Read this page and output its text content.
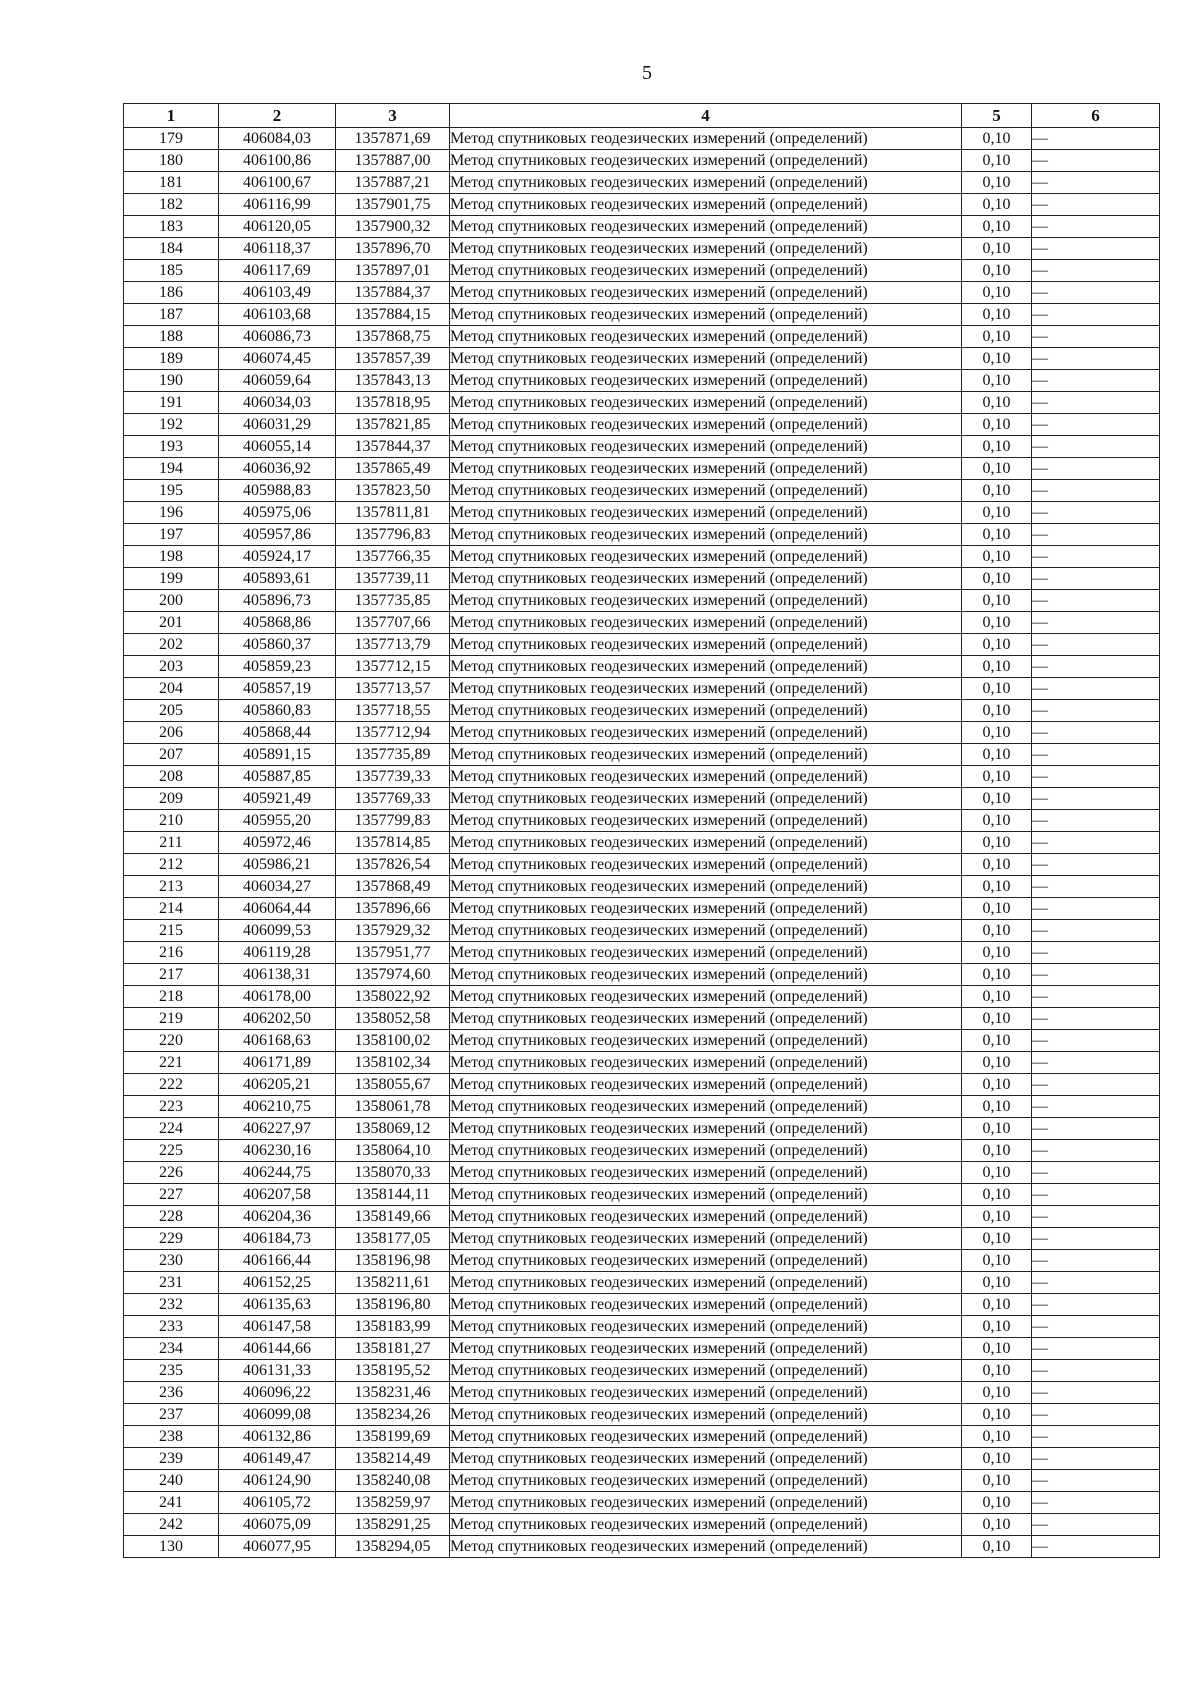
5
1	2	3	4	5	6
179	406084,03	1357871,69	Метод спутниковых геодезических измерений (определений)	0,10	—
180	406100,86	1357887,00	Метод спутниковых геодезических измерений (определений)	0,10	—
181	406100,67	1357887,21	Метод спутниковых геодезических измерений (определений)	0,10	—
182	406116,99	1357901,75	Метод спутниковых геодезических измерений (определений)	0,10	—
183	406120,05	1357900,32	Метод спутниковых геодезических измерений (определений)	0,10	—
184	406118,37	1357896,70	Метод спутниковых геодезических измерений (определений)	0,10	—
185	406117,69	1357897,01	Метод спутниковых геодезических измерений (определений)	0,10	—
186	406103,49	1357884,37	Метод спутниковых геодезических измерений (определений)	0,10	—
187	406103,68	1357884,15	Метод спутниковых геодезических измерений (определений)	0,10	—
188	406086,73	1357868,75	Метод спутниковых геодезических измерений (определений)	0,10	—
189	406074,45	1357857,39	Метод спутниковых геодезических измерений (определений)	0,10	—
190	406059,64	1357843,13	Метод спутниковых геодезических измерений (определений)	0,10	—
191	406034,03	1357818,95	Метод спутниковых геодезических измерений (определений)	0,10	—
192	406031,29	1357821,85	Метод спутниковых геодезических измерений (определений)	0,10	—
193	406055,14	1357844,37	Метод спутниковых геодезических измерений (определений)	0,10	—
194	406036,92	1357865,49	Метод спутниковых геодезических измерений (определений)	0,10	—
195	405988,83	1357823,50	Метод спутниковых геодезических измерений (определений)	0,10	—
196	405975,06	1357811,81	Метод спутниковых геодезических измерений (определений)	0,10	—
197	405957,86	1357796,83	Метод спутниковых геодезических измерений (определений)	0,10	—
198	405924,17	1357766,35	Метод спутниковых геодезических измерений (определений)	0,10	—
199	405893,61	1357739,11	Метод спутниковых геодезических измерений (определений)	0,10	—
200	405896,73	1357735,85	Метод спутниковых геодезических измерений (определений)	0,10	—
201	405868,86	1357707,66	Метод спутниковых геодезических измерений (определений)	0,10	—
202	405860,37	1357713,79	Метод спутниковых геодезических измерений (определений)	0,10	—
203	405859,23	1357712,15	Метод спутниковых геодезических измерений (определений)	0,10	—
204	405857,19	1357713,57	Метод спутниковых геодезических измерений (определений)	0,10	—
205	405860,83	1357718,55	Метод спутниковых геодезических измерений (определений)	0,10	—
206	405868,44	1357712,94	Метод спутниковых геодезических измерений (определений)	0,10	—
207	405891,15	1357735,89	Метод спутниковых геодезических измерений (определений)	0,10	—
208	405887,85	1357739,33	Метод спутниковых геодезических измерений (определений)	0,10	—
209	405921,49	1357769,33	Метод спутниковых геодезических измерений (определений)	0,10	—
210	405955,20	1357799,83	Метод спутниковых геодезических измерений (определений)	0,10	—
211	405972,46	1357814,85	Метод спутниковых геодезических измерений (определений)	0,10	—
212	405986,21	1357826,54	Метод спутниковых геодезических измерений (определений)	0,10	—
213	406034,27	1357868,49	Метод спутниковых геодезических измерений (определений)	0,10	—
214	406064,44	1357896,66	Метод спутниковых геодезических измерений (определений)	0,10	—
215	406099,53	1357929,32	Метод спутниковых геодезических измерений (определений)	0,10	—
216	406119,28	1357951,77	Метод спутниковых геодезических измерений (определений)	0,10	—
217	406138,31	1357974,60	Метод спутниковых геодезических измерений (определений)	0,10	—
218	406178,00	1358022,92	Метод спутниковых геодезических измерений (определений)	0,10	—
219	406202,50	1358052,58	Метод спутниковых геодезических измерений (определений)	0,10	—
220	406168,63	1358100,02	Метод спутниковых геодезических измерений (определений)	0,10	—
221	406171,89	1358102,34	Метод спутниковых геодезических измерений (определений)	0,10	—
222	406205,21	1358055,67	Метод спутниковых геодезических измерений (определений)	0,10	—
223	406210,75	1358061,78	Метод спутниковых геодезических измерений (определений)	0,10	—
224	406227,97	1358069,12	Метод спутниковых геодезических измерений (определений)	0,10	—
225	406230,16	1358064,10	Метод спутниковых геодезических измерений (определений)	0,10	—
226	406244,75	1358070,33	Метод спутниковых геодезических измерений (определений)	0,10	—
227	406207,58	1358144,11	Метод спутниковых геодезических измерений (определений)	0,10	—
228	406204,36	1358149,66	Метод спутниковых геодезических измерений (определений)	0,10	—
229	406184,73	1358177,05	Метод спутниковых геодезических измерений (определений)	0,10	—
230	406166,44	1358196,98	Метод спутниковых геодезических измерений (определений)	0,10	—
231	406152,25	1358211,61	Метод спутниковых геодезических измерений (определений)	0,10	—
232	406135,63	1358196,80	Метод спутниковых геодезических измерений (определений)	0,10	—
233	406147,58	1358183,99	Метод спутниковых геодезических измерений (определений)	0,10	—
234	406144,66	1358181,27	Метод спутниковых геодезических измерений (определений)	0,10	—
235	406131,33	1358195,52	Метод спутниковых геодезических измерений (определений)	0,10	—
236	406096,22	1358231,46	Метод спутниковых геодезических измерений (определений)	0,10	—
237	406099,08	1358234,26	Метод спутниковых геодезических измерений (определений)	0,10	—
238	406132,86	1358199,69	Метод спутниковых геодезических измерений (определений)	0,10	—
239	406149,47	1358214,49	Метод спутниковых геодезических измерений (определений)	0,10	—
240	406124,90	1358240,08	Метод спутниковых геодезических измерений (определений)	0,10	—
241	406105,72	1358259,97	Метод спутниковых геодезических измерений (определений)	0,10	—
242	406075,09	1358291,25	Метод спутниковых геодезических измерений (определений)	0,10	—
130	406077,95	1358294,05	Метод спутниковых геодезических измерений (определений)	0,10	—
